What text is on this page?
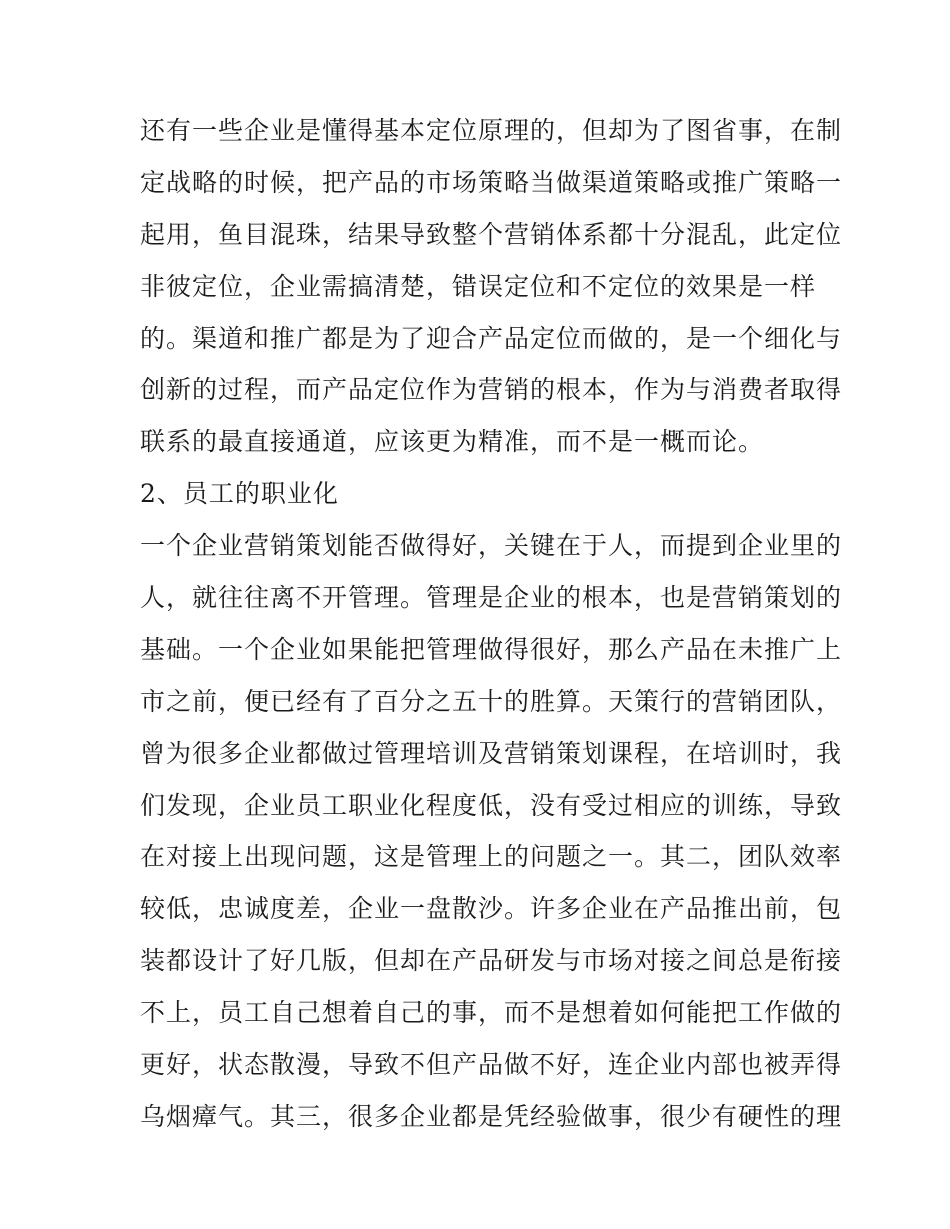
还有一些企业是懂得基本定位原理的，但却为了图省事，在制
定战略的时候，把产品的市场策略当做渠道策略或推广策略一
起用，鱼目混珠，结果导致整个营销体系都十分混乱，此定位
非彼定位，企业需搞清楚，错误定位和不定位的效果是一样
的。渠道和推广都是为了迎合产品定位而做的，是一个细化与
创新的过程，而产品定位作为营销的根本，作为与消费者取得
联系的最直接通道，应该更为精准，而不是一概而论。
2、员工的职业化
一个企业营销策划能否做得好，关键在于人，而提到企业里的
人，就往往离不开管理。管理是企业的根本，也是营销策划的
基础。一个企业如果能把管理做得很好，那么产品在未推广上
市之前，便已经有了百分之五十的胜算。天策行的营销团队，
曾为很多企业都做过管理培训及营销策划课程，在培训时，我
们发现，企业员工职业化程度低，没有受过相应的训练，导致
在对接上出现问题，这是管理上的问题之一。其二，团队效率
较低，忠诚度差，企业一盘散沙。许多企业在产品推出前，包
装都设计了好几版，但却在产品研发与市场对接之间总是衔接
不上，员工自己想着自己的事，而不是想着如何能把工作做的
更好，状态散漫，导致不但产品做不好，连企业内部也被弄得
乌烟瘴气。其三，很多企业都是凭经验做事，很少有硬性的理
